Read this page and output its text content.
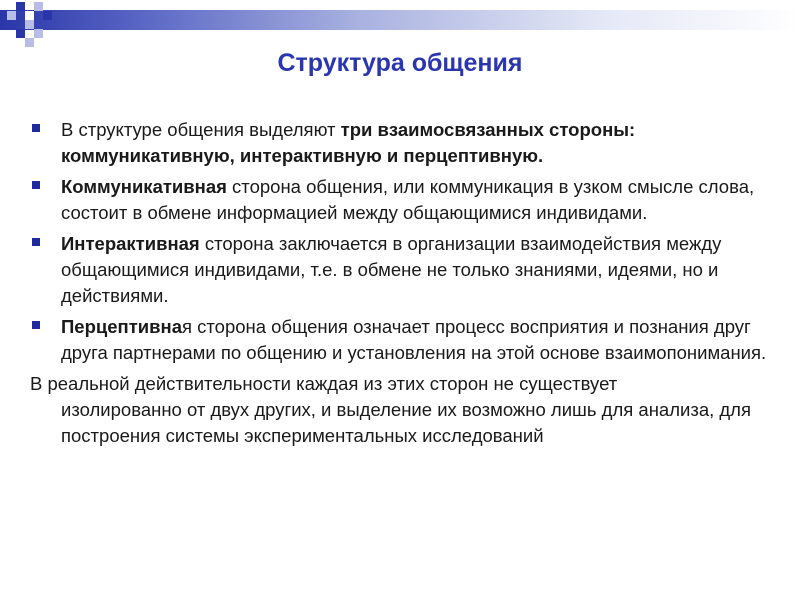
Структура общения
В структуре общения выделяют три взаимосвязанных стороны: коммуникативную, интерактивную и перцептивную.
Коммуникативная сторона общения, или коммуникация в узком смысле слова, состоит в обмене информацией между общающимися индивидами.
Интерактивная сторона заключается в организации взаимодействия между общающимися индивидами, т.е. в обмене не только знаниями, идеями, но и действиями.
Перцептивная сторона общения означает процесс восприятия и познания друг друга партнерами по общению и установления на этой основе взаимопонимания.
В реальной действительности каждая из этих сторон не существует
изолированно от двух других, и выделение их возможно лишь для анализа, для построения системы экспериментальных исследований
